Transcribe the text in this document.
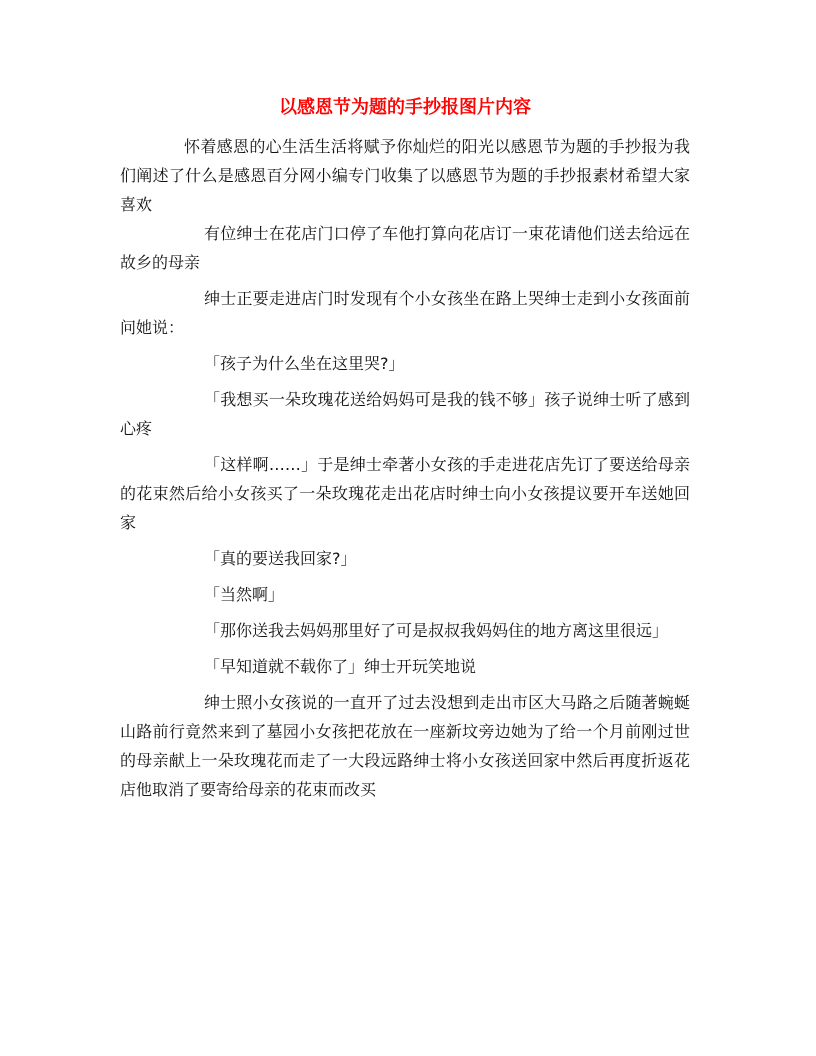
以感恩节为题的手抄报图片内容

怀着感恩的心生活生活将赋予你灿烂的阳光以感恩节为题的手抄报为我们阐述了什么是感恩百分网小编专门收集了以感恩节为题的手抄报素材希望大家喜欢

有位绅士在花店门口停了车他打算向花店订一束花请他们送去给远在故乡的母亲

绅士正要走进店门时发现有个小女孩坐在路上哭绅士走到小女孩面前问她说：

「孩子为什么坐在这里哭?」

「我想买一朵玫瑰花送给妈妈可是我的钱不够」孩子说绅士听了感到心疼

「这样啊……」于是绅士牵著小女孩的手走进花店先订了要送给母亲的花束然后给小女孩买了一朵玫瑰花走出花店时绅士向小女孩提议要开车送她回家

「真的要送我回家?」

「当然啊」

「那你送我去妈妈那里好了可是叔叔我妈妈住的地方离这里很远」

「早知道就不载你了」绅士开玩笑地说

绅士照小女孩说的一直开了过去没想到走出市区大马路之后随著蜿蜒山路前行竟然来到了墓园小女孩把花放在一座新坟旁边她为了给一个月前刚过世的母亲献上一朵玫瑰花而走了一大段远路绅士将小女孩送回家中然后再度折返花店他取消了要寄给母亲的花束而改买
